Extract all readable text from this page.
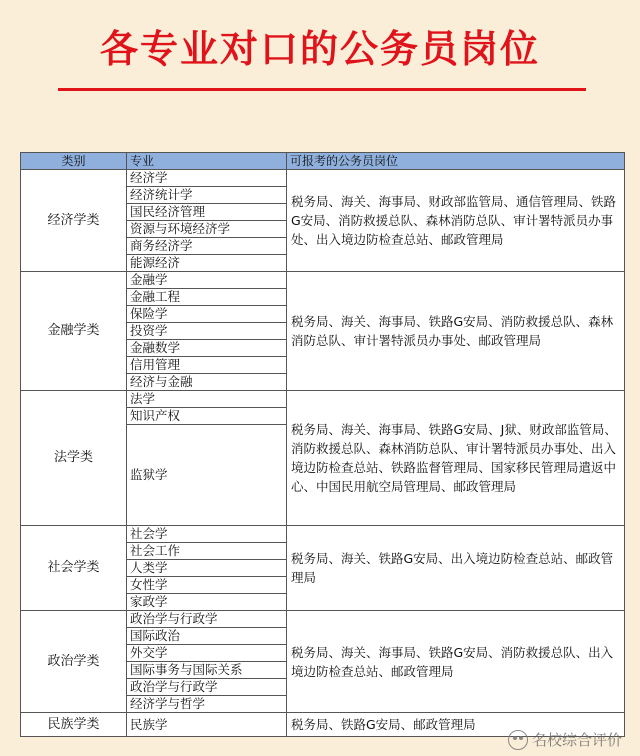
各专业对口的公务员岗位
类别	专业	可报考的公务员岗位
经济学类	经济学	税务局、海关、海事局、财政部监管局、通信管理局、铁路G安局、消防救援总队、森林消防总队、审计署特派员办事处、出入境边防检查总站、邮政管理局
	经济统计学	
	国民经济管理	
	资源与环境经济学	
	商务经济学	
	能源经济	
金融学类	金融学	税务局、海关、海事局、铁路G安局、消防救援总队、森林消防总队、审计署特派员办事处、邮政管理局
	金融工程	
	保险学	
	投资学	
	金融数学	
	信用管理	
	经济与金融	
法学类	法学	税务局、海关、海事局、铁路G安局、J狱、财政部监管局、消防救援总队、森林消防总队、审计署特派员办事处、出入境边防检查总站、铁路监督管理局、国家移民管理局遣返中心、中国民用航空局管理局、邮政管理局
	知识产权	
	监狱学	
社会学类	社会学	税务局、海关、铁路G安局、出入境边防检查总站、邮政管理局
	社会工作	
	人类学	
	女性学	
	家政学	
政治学类	政治学与行政学	税务局、海关、海事局、铁路G安局、消防救援总队、出入境边防检查总站、邮政管理局
	国际政治	
	外交学	
	国际事务与国际关系	
	政治学与行政学	
	经济学与哲学	
民族学类	民族学	税务局、铁路G安局、邮政管理局
名校综合评价
